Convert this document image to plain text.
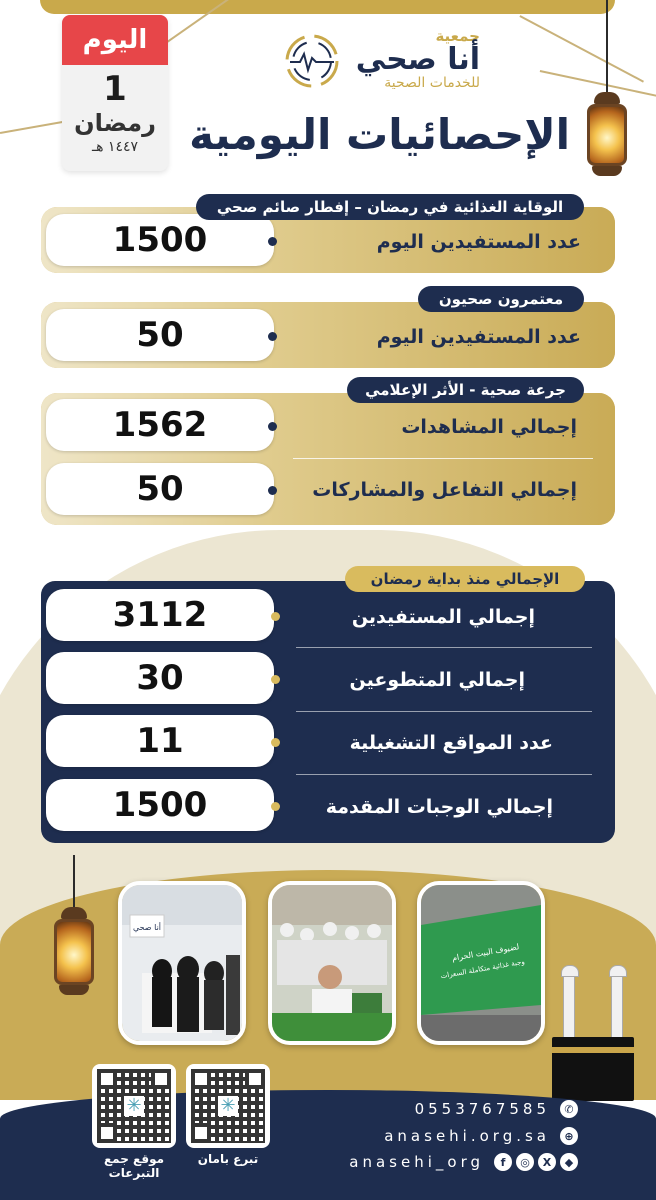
اليوم
1
رمضان
١٤٤٧ هـ
جمعية
أنا صحي
للخدمات الصحية
الإحصائيات اليومية
1500	عدد المستفيدين اليوم
الوقاية الغذائية في رمضان – إفطار صائم صحي
50	عدد المستفيدين اليوم
معتمرون صحيون
1562	إجمالي المشاهدات
50	إجمالي التفاعل والمشاركات
جرعة صحية - الأثر الإعلامي
3112	إجمالي المستفيدين
30	إجمالي المتطوعين
11	عدد المواقع التشغيلية
1500	إجمالي الوجبات المقدمة
الإجمالي منذ بداية رمضان
أنا صحي
لضيوف البيت الحرام
وجبة غذائية متكاملة السعرات
✳
✳
تبرع بامان
موقع جمع التبرعات
0553767585	✆
anasehi.org.sa	⊕
anasehi_org	f	◎	X	◆
